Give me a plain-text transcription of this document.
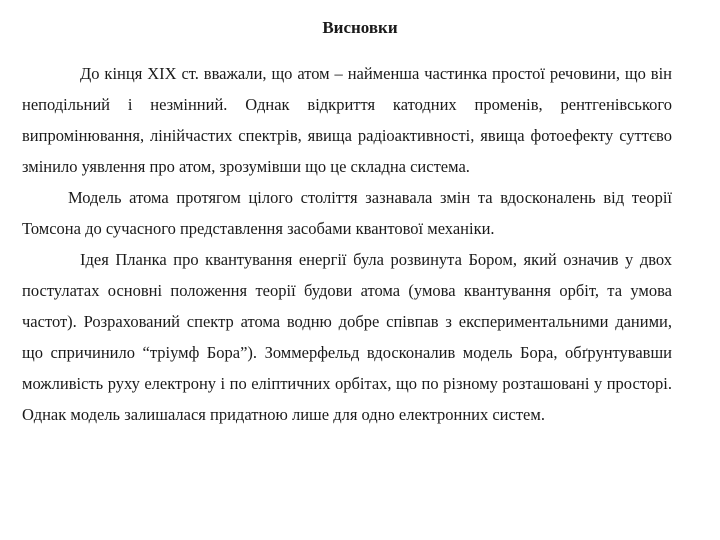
Висновки

До кінця XIX ст. вважали, що атом – найменша частинка простої речовини, що він неподільний і незмінний. Однак відкриття катодних променів, рентгенівського випромінювання, лінійчастих спектрів, явища радіоактивності, явища фотоефекту суттєво змінило уявлення про атом, зрозумівши що це складна система.

Модель атома протягом цілого століття зазнавала змін та вдосконалень від теорії Томсона до сучасного представлення засобами квантової механіки.

Ідея Планка про квантування енергії була розвинута Бором, який означив у двох постулатах основні положення теорії будови атома (умова квантування орбіт, та умова частот). Розрахований спектр атома водню добре співпав з експериментальними даними, що спричинило “тріумф Бора”). Зоммерфельд вдосконалив модель Бора, обґрунтувавши можливість руху електрону і по еліптичних орбітах, що по різному розташовані у просторі. Однак модель залишалася придатною лише для одно електронних систем.
